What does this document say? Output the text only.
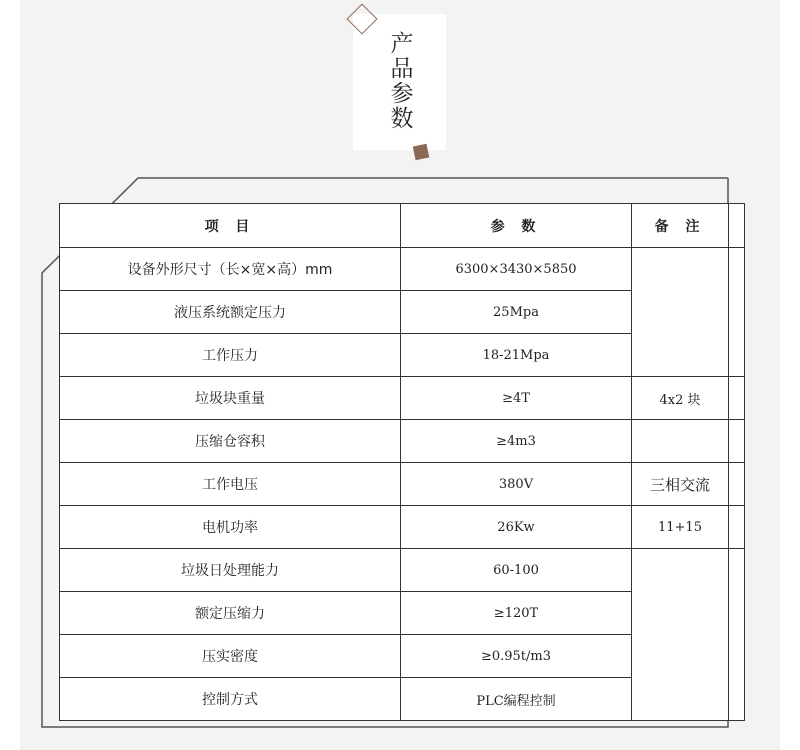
产
品
参
数
项 目	参 数	备 注	
设备外形尺寸（长×宽×高）mm	6300×3430×5850		
液压系统额定压力	25Mpa		
工作压力	18-21Mpa		
垃圾块重量	≥4T	4x2 块	
压缩仓容积	≥4m3		
工作电压	380V	三相交流	
电机功率	26Kw	11+15	
垃圾日处理能力	60-100		
额定压缩力	≥120T		
压实密度	≥0.95t/m3		
控制方式	PLC编程控制		
